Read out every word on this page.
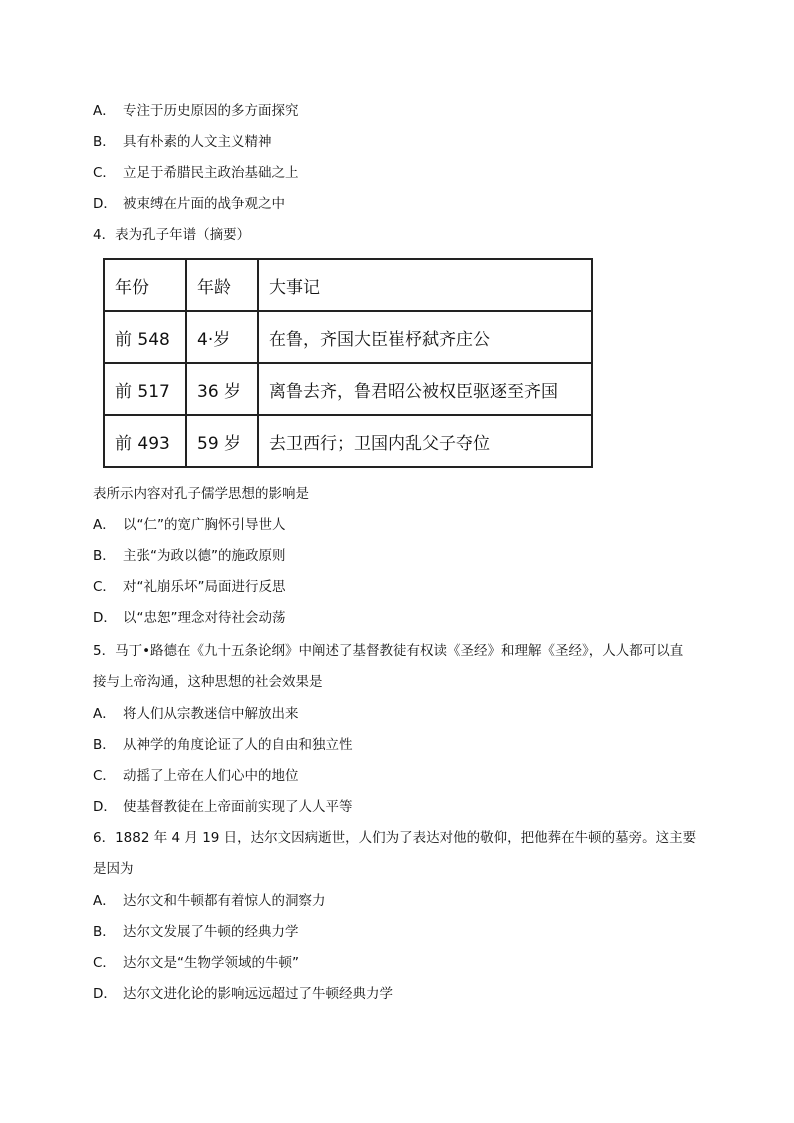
A． 专注于历史原因的多方面探究
B． 具有朴素的人文主义精神
C． 立足于希腊民主政治基础之上
D． 被束缚在片面的战争观之中
4．表为孔子年谱（摘要）
年份	年龄	大事记
前 548	4·岁	在鲁，齐国大臣崔杼弑齐庄公
前 517	36 岁	离鲁去齐，鲁君昭公被权臣驱逐至齐国
前 493	59 岁	去卫西行；卫国内乱父子夺位
表所示内容对孔子儒学思想的影响是
A． 以“仁”的宽广胸怀引导世人
B． 主张“为政以德”的施政原则
C． 对“礼崩乐坏”局面进行反思
D． 以“忠恕”理念对待社会动荡
5．马丁•路德在《九十五条论纲》中阐述了基督教徒有权读《圣经》和理解《圣经》，人人都可以直
接与上帝沟通，这种思想的社会效果是
A． 将人们从宗教迷信中解放出来
B． 从神学的角度论证了人的自由和独立性
C． 动摇了上帝在人们心中的地位
D． 使基督教徒在上帝面前实现了人人平等
6．1882 年 4 月 19 日，达尔文因病逝世，人们为了表达对他的敬仰，把他葬在牛顿的墓旁。这主要
是因为
A． 达尔文和牛顿都有着惊人的洞察力
B． 达尔文发展了牛顿的经典力学
C． 达尔文是“生物学领域的牛顿”
D． 达尔文进化论的影响远远超过了牛顿经典力学
